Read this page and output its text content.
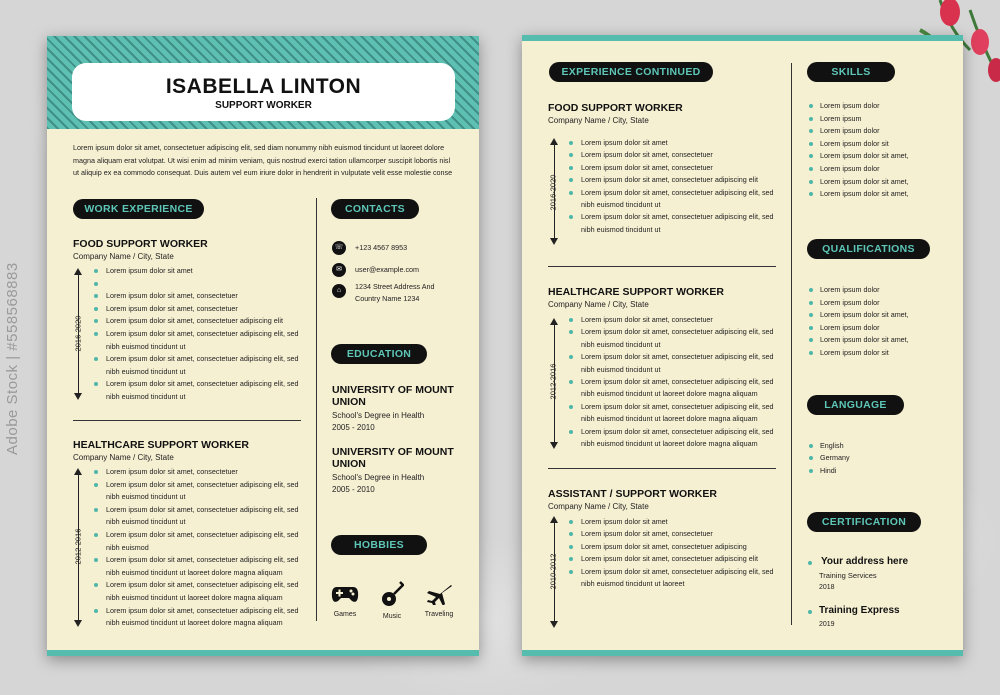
Adobe Stock | #558568883
ISABELLA LINTON
SUPPORT WORKER
Lorem ipsum dolor sit amet, consectetuer adipiscing elit, sed diam nonummy nibh euismod tincidunt ut laoreet dolore magna aliquam erat volutpat. Ut wisi enim ad minim veniam, quis nostrud exerci tation ullamcorper suscipit lobortis nisl ut aliquip ex ea commodo consequat. Duis autem vel eum iriure dolor in hendrerit in vulputate velit esse molestie conse
WORK EXPERIENCE
FOOD SUPPORT WORKER
Company Name / City, State
2016-2020
Lorem ipsum dolor sit amet
Lorem ipsum dolor sit amet, consectetuer
Lorem ipsum dolor sit amet, consectetuer
Lorem ipsum dolor sit amet, consectetuer adipiscing elit
Lorem ipsum dolor sit amet, consectetuer adipiscing elit, sed
nibh euismod tincidunt ut
Lorem ipsum dolor sit amet, consectetuer adipiscing elit, sed
nibh euismod tincidunt ut
Lorem ipsum dolor sit amet, consectetuer adipiscing elit, sed
nibh euismod tincidunt ut
HEALTHCARE SUPPORT WORKER
Company Name / City, State
2012-2016
Lorem ipsum dolor sit amet, consectetuer
Lorem ipsum dolor sit amet, consectetuer adipiscing elit, sed
nibh euismod tincidunt ut
Lorem ipsum dolor sit amet, consectetuer adipiscing elit, sed
nibh euismod tincidunt ut
Lorem ipsum dolor sit amet, consectetuer adipiscing elit, sed
nibh euismod
Lorem ipsum dolor sit amet, consectetuer adipiscing elit, sed
nibh euismod tincidunt ut laoreet dolore magna aliquam
Lorem ipsum dolor sit amet, consectetuer adipiscing elit, sed
nibh euismod tincidunt ut laoreet dolore magna aliquam
Lorem ipsum dolor sit amet, consectetuer adipiscing elit, sed
nibh euismod tincidunt ut laoreet dolore magna aliquam
CONTACTS
☏	+123 4567 8953
✉	user@example.com
⌂	1234 Street Address And
Country Name 1234
EDUCATION
UNIVERSITY OF MOUNT
UNION
School's Degree in Health
2005 - 2010
UNIVERSITY OF MOUNT
UNION
School's Degree in Health
2005 - 2010
HOBBIES
Games	Music	Traveling
EXPERIENCE CONTINUED
FOOD SUPPORT WORKER
Company Name / City, State
2016-2020
Lorem ipsum dolor sit amet
Lorem ipsum dolor sit amet, consectetuer
Lorem ipsum dolor sit amet, consectetuer
Lorem ipsum dolor sit amet, consectetuer adipiscing elit
Lorem ipsum dolor sit amet, consectetuer adipiscing elit, sed
nibh euismod tincidunt ut
Lorem ipsum dolor sit amet, consectetuer adipiscing elit, sed
nibh euismod tincidunt ut
HEALTHCARE SUPPORT WORKER
Company Name / City, State
2012-2016
Lorem ipsum dolor sit amet, consectetuer
Lorem ipsum dolor sit amet, consectetuer adipiscing elit, sed
nibh euismod tincidunt ut
Lorem ipsum dolor sit amet, consectetuer adipiscing elit, sed
nibh euismod tincidunt ut
Lorem ipsum dolor sit amet, consectetuer adipiscing elit, sed
nibh euismod tincidunt ut laoreet dolore magna aliquam
Lorem ipsum dolor sit amet, consectetuer adipiscing elit, sed
nibh euismod tincidunt ut laoreet dolore magna aliquam
Lorem ipsum dolor sit amet, consectetuer adipiscing elit, sed
nibh euismod tincidunt ut laoreet dolore magna aliquam
ASSISTANT / SUPPORT WORKER
Company Name / City, State
2010-2012
Lorem ipsum dolor sit amet
Lorem ipsum dolor sit amet, consectetuer
Lorem ipsum dolor sit amet, consectetuer adipiscing
Lorem ipsum dolor sit amet, consectetuer adipiscing elit
Lorem ipsum dolor sit amet, consectetuer adipiscing elit, sed
nibh euismod tincidunt ut laoreet
SKILLS
Lorem ipsum dolor
Lorem ipsum
Lorem ipsum dolor
Lorem ipsum dolor sit
Lorem ipsum dolor sit amet,
Lorem ipsum dolor
Lorem ipsum dolor sit amet,
Lorem ipsum dolor sit amet,
QUALIFICATIONS
Lorem ipsum dolor
Lorem ipsum dolor
Lorem ipsum dolor sit amet,
Lorem ipsum dolor
Lorem ipsum dolor sit amet,
Lorem ipsum dolor sit
LANGUAGE
English
Germany
Hindi
CERTIFICATION
Your address here
Training Services
2018
Training Express
2019
